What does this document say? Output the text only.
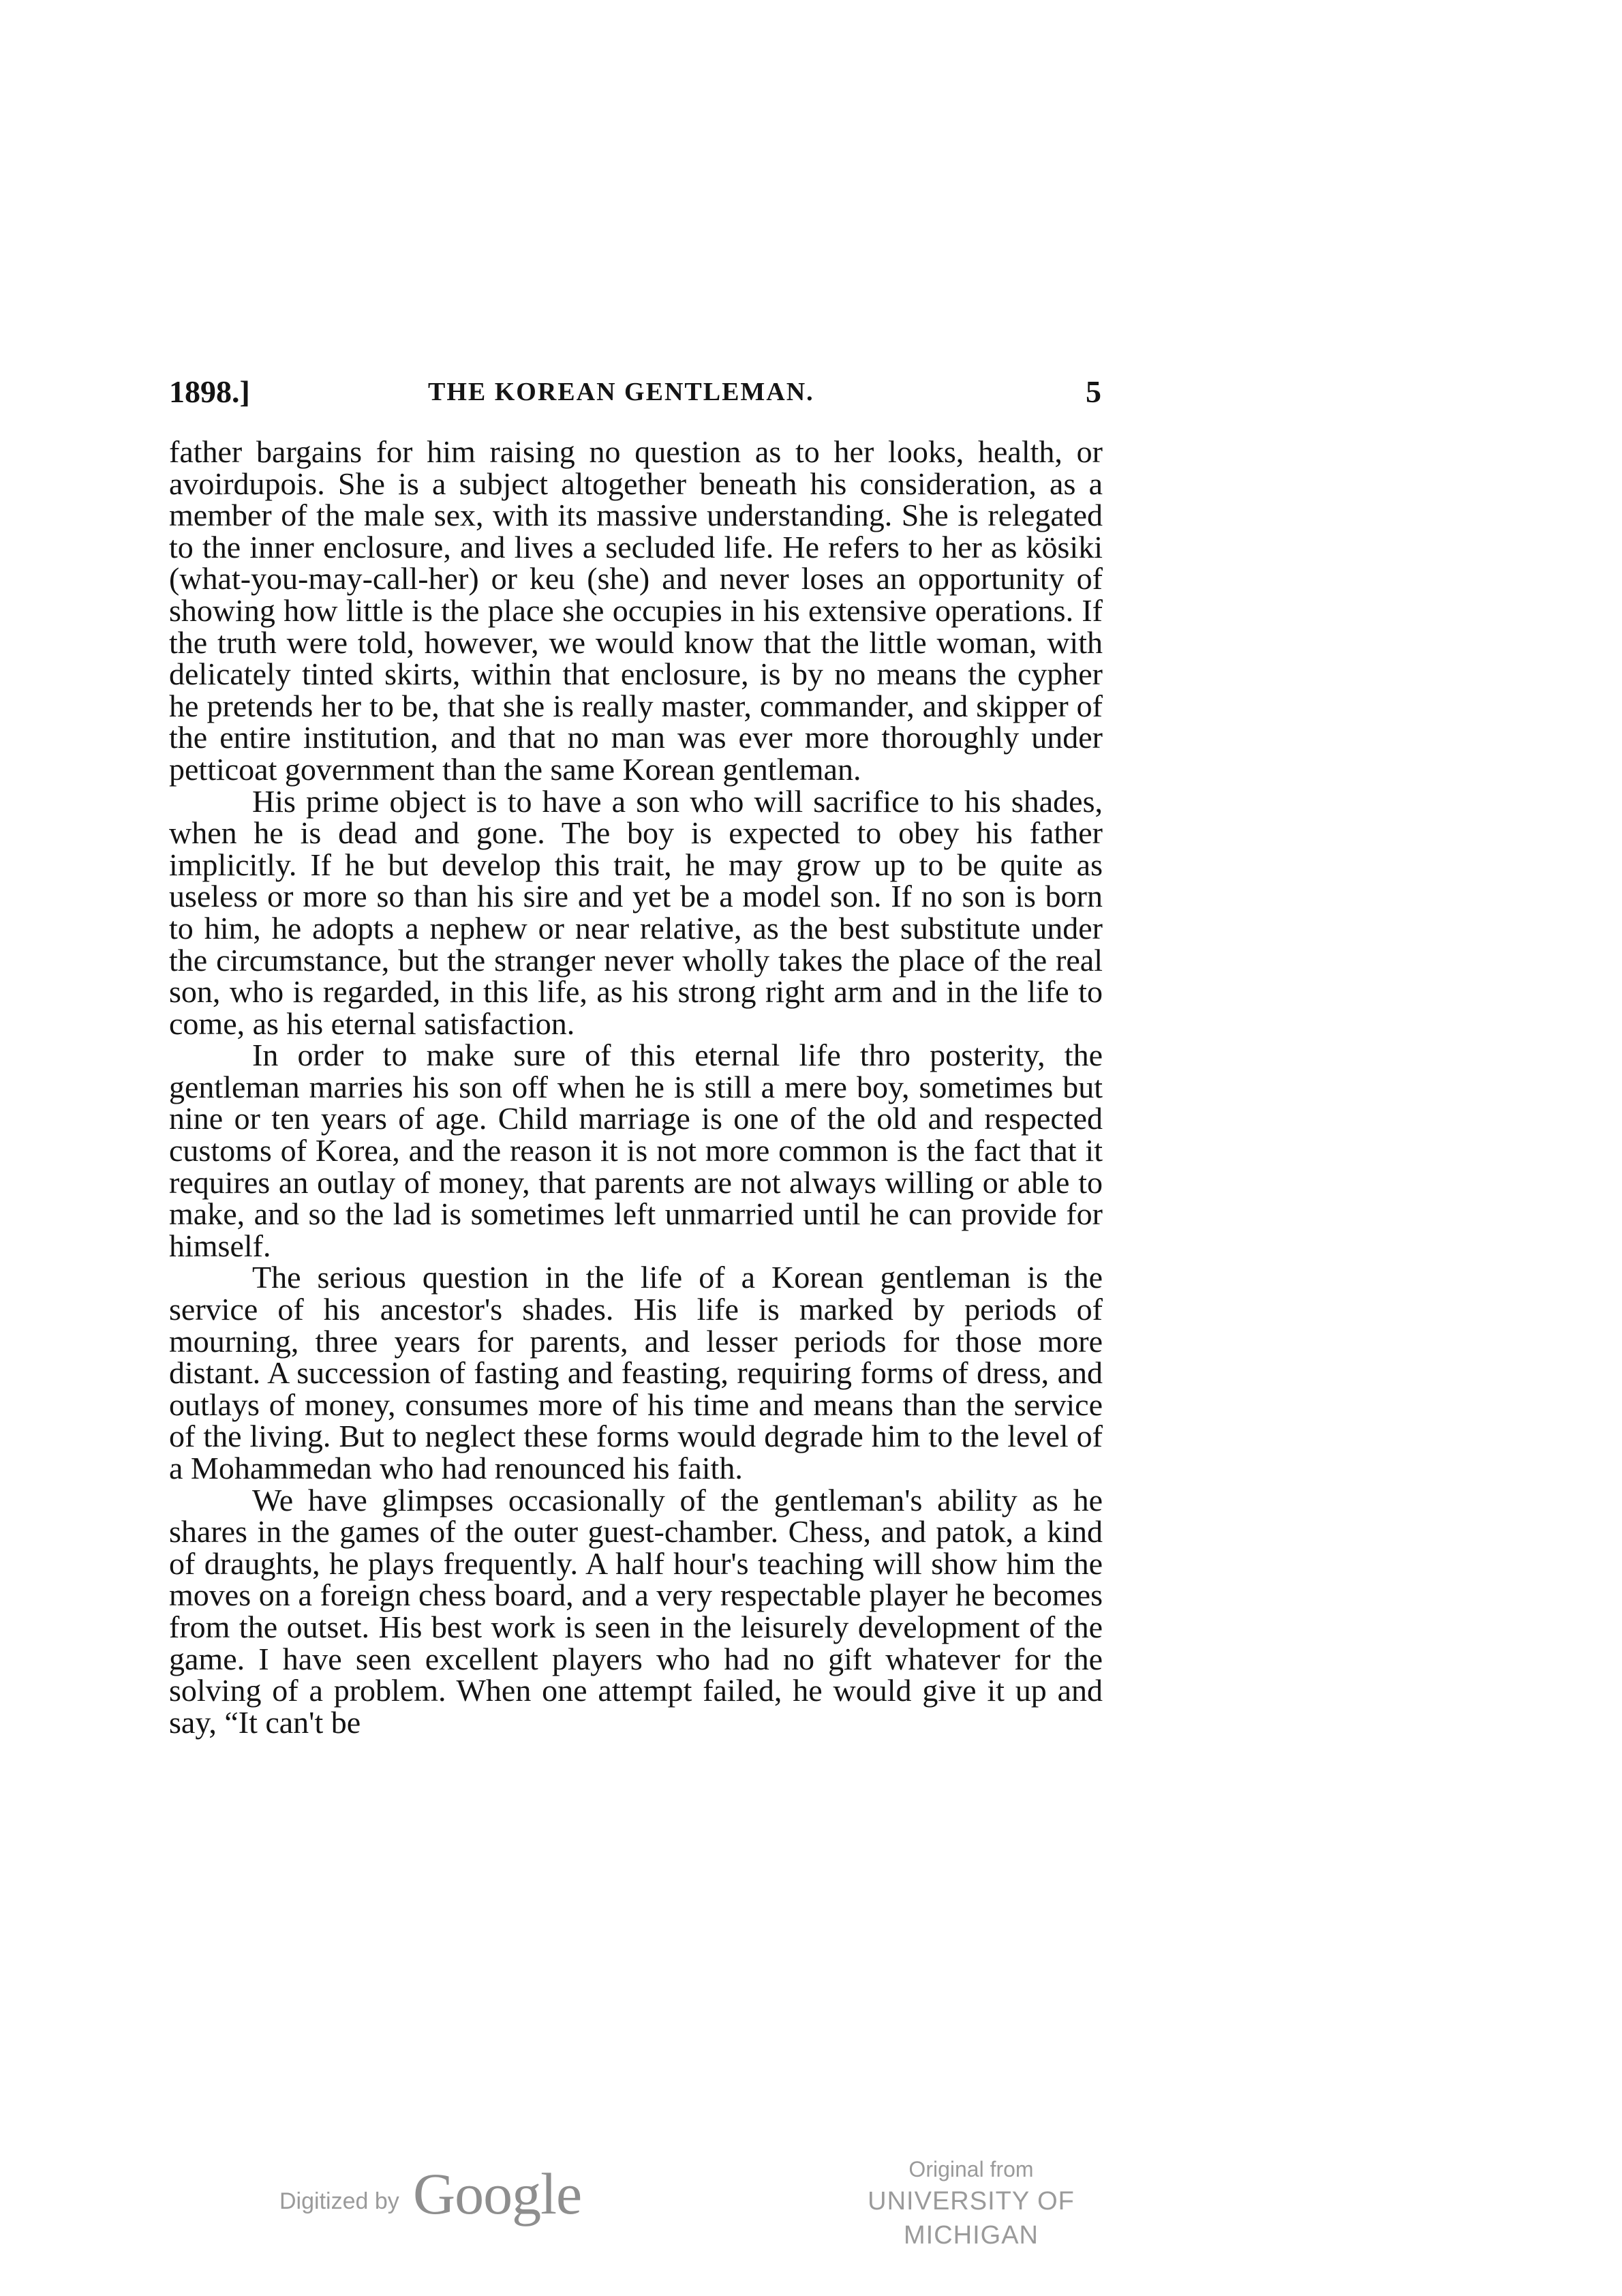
1898.]	THE KOREAN GENTLEMAN.	5

father bargains for him raising no question as to her looks, health, or avoirdupois. She is a subject altogether beneath his consideration, as a member of the male sex, with its massive understanding. She is relegated to the inner enclosure, and lives a secluded life. He refers to her as kösiki (what-you-may-call-her) or keu (she) and never loses an opportunity of showing how little is the place she occupies in his extensive operations. If the truth were told, however, we would know that the little woman, with delicately tinted skirts, within that enclosure, is by no means the cypher he pretends her to be, that she is really master, commander, and skipper of the entire institution, and that no man was ever more thoroughly under petticoat government than the same Korean gentleman.

His prime object is to have a son who will sacrifice to his shades, when he is dead and gone. The boy is expected to obey his father implicitly. If he but develop this trait, he may grow up to be quite as useless or more so than his sire and yet be a model son. If no son is born to him, he adopts a nephew or near relative, as the best substitute under the circumstance, but the stranger never wholly takes the place of the real son, who is regarded, in this life, as his strong right arm and in the life to come, as his eternal satisfaction.

In order to make sure of this eternal life thro posterity, the gentleman marries his son off when he is still a mere boy, sometimes but nine or ten years of age. Child marriage is one of the old and respected customs of Korea, and the reason it is not more common is the fact that it requires an outlay of money, that parents are not always willing or able to make, and so the lad is sometimes left unmarried until he can provide for himself.

The serious question in the life of a Korean gentleman is the service of his ancestor's shades. His life is marked by periods of mourning, three years for parents, and lesser periods for those more distant. A succession of fasting and feasting, requiring forms of dress, and outlays of money, consumes more of his time and means than the service of the living. But to neglect these forms would degrade him to the level of a Mohammedan who had renounced his faith.

We have glimpses occasionally of the gentleman's ability as he shares in the games of the outer guest-chamber. Chess, and patok, a kind of draughts, he plays frequently. A half hour's teaching will show him the moves on a foreign chess board, and a very respectable player he becomes from the outset. His best work is seen in the leisurely development of the game. I have seen excellent players who had no gift whatever for the solving of a problem. When one attempt failed, he would give it up and say, “It can't be

Digitized by Google	Original from
UNIVERSITY OF MICHIGAN
